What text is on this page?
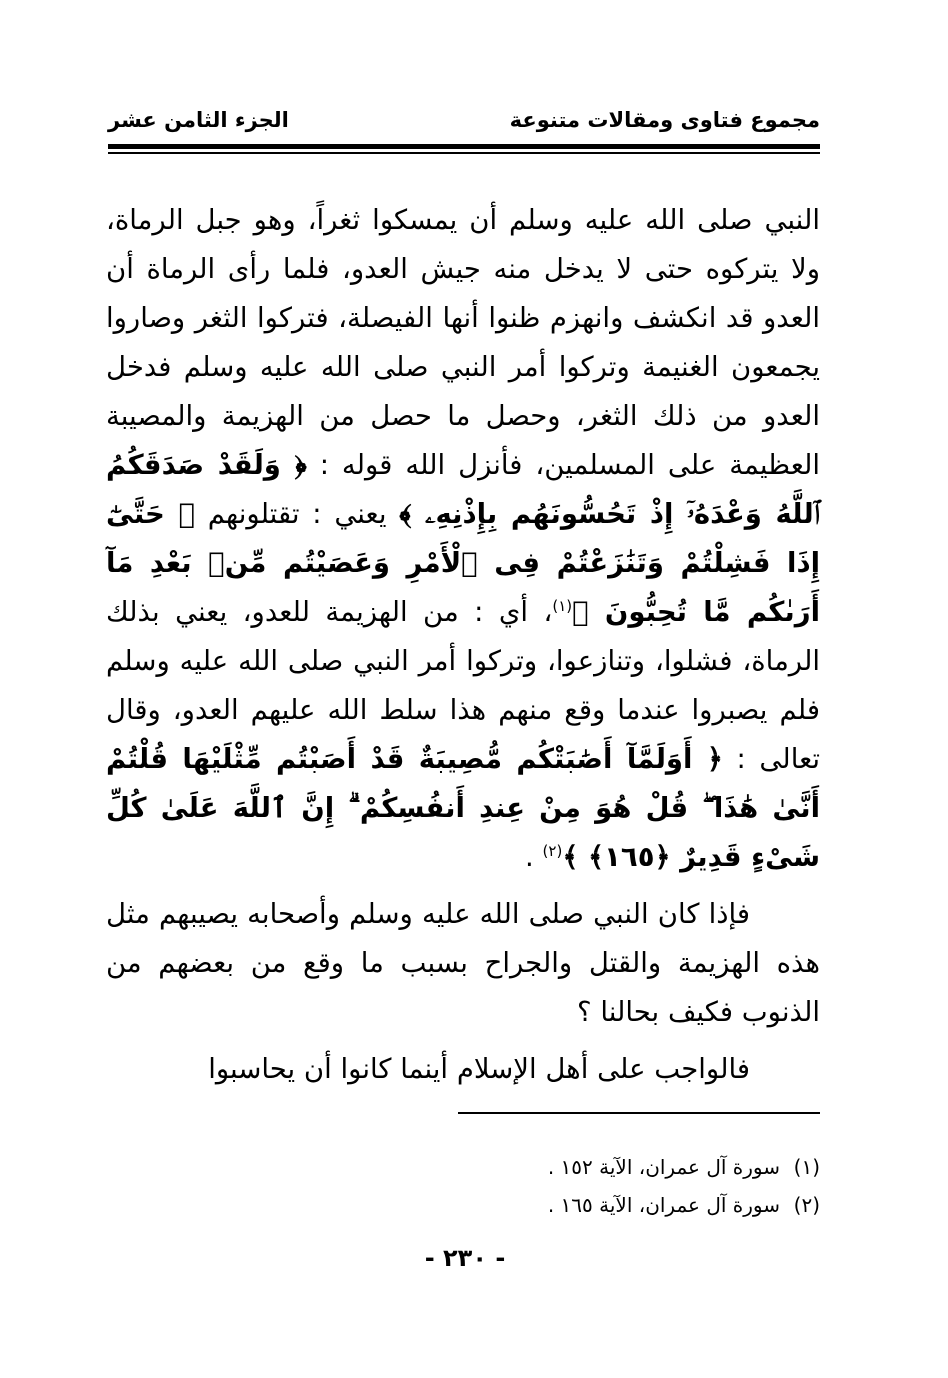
مجموع فتاوى ومقالات متنوعة
الجزء الثامن عشر

النبي صلى الله عليه وسلم أن يمسكوا ثغراً، وهو جبل الرماة، ولا يتركوه حتى لا يدخل منه جيش العدو، فلما رأى الرماة أن العدو قد انكشف وانهزم ظنوا أنها الفيصلة، فتركوا الثغر وصاروا يجمعون الغنيمة وتركوا أمر النبي صلى الله عليه وسلم فدخل العدو من ذلك الثغر، وحصل ما حصل من الهزيمة والمصيبة العظيمة على المسلمين، فأنزل الله قوله : ﴿ وَلَقَدْ صَدَقَكُمُ ٱللَّهُ وَعْدَهُۥٓ إِذْ تَحُسُّونَهُم بِإِذْنِهِۦ ﴾ يعني : تقتلونهم ﴿ حَتَّىٰٓ إِذَا فَشِلْتُمْ وَتَنَٰزَعْتُمْ فِى ٱلْأَمْرِ وَعَصَيْتُم مِّنۢ بَعْدِ مَآ أَرَىٰكُم مَّا تُحِبُّونَ ﴾$^{(١)}$، أي : من الهزيمة للعدو، يعني بذلك الرماة، فشلوا، وتنازعوا، وتركوا أمر النبي صلى الله عليه وسلم فلم يصبروا عندما وقع منهم هذا سلط الله عليهم العدو، وقال تعالى : ﴿ أَوَلَمَّآ أَصَٰبَتْكُم مُّصِيبَةٌ قَدْ أَصَبْتُم مِّثْلَيْهَا قُلْتُمْ أَنَّىٰ هَٰذَا ۖ قُلْ هُوَ مِنْ عِندِ أَنفُسِكُمْ ۗ إِنَّ ٱللَّهَ عَلَىٰ كُلِّ شَىْءٍ قَدِيرٌ ﴿١٦٥﴾ ﴾$^{(٢)}$ .

فإذا كان النبي صلى الله عليه وسلم وأصحابه يصيبهم مثل هذه الهزيمة والقتل والجراح بسبب ما وقع من بعضهم من الذنوب فكيف بحالنا ؟

فالواجب على أهل الإسلام أينما كانوا أن يحاسبوا

(١)سورة آل عمران، الآية ١٥٢ .
(٢)سورة آل عمران، الآية ١٦٥ .
- ٢٣٠ -
